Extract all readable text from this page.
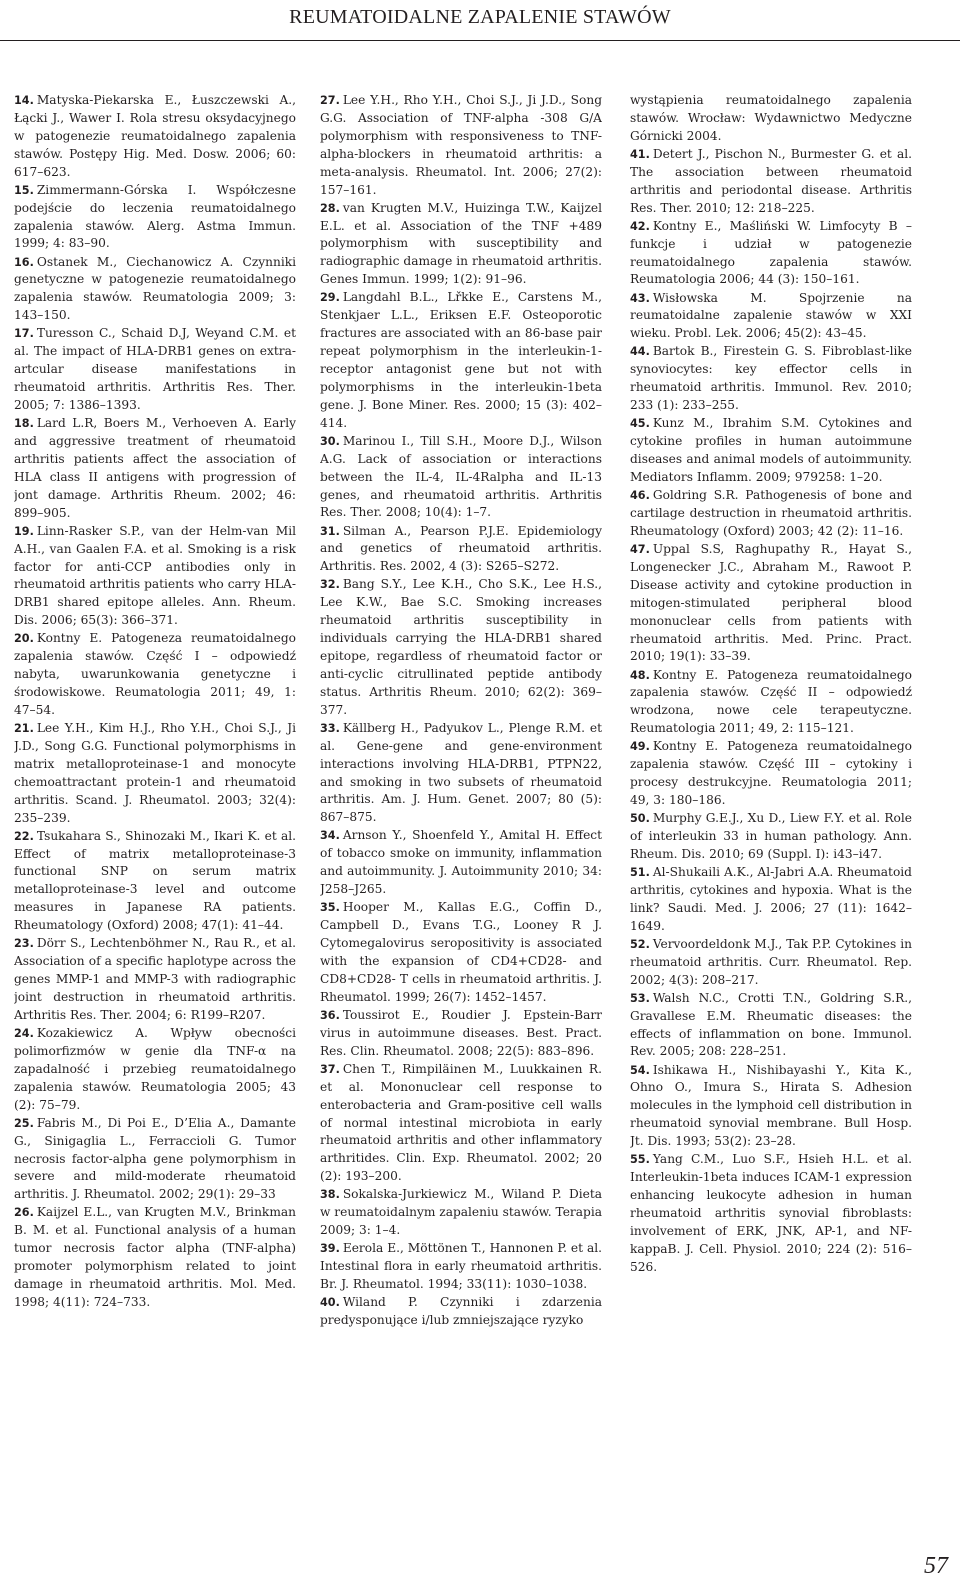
REUMATOIDALNE ZAPALENIE STAWÓW

14. Matyska-Piekarska E., Łuszczewski A., Łącki J., Wawer I. Rola stresu oksydacyjnego w patogenezie reumatoidalnego zapalenia stawów. Postępy Hig. Med. Dosw. 2006; 60: 617–623.

15. Zimmermann-Górska I. Współczesne podejście do leczenia reumatoidalnego zapalenia stawów. Alerg. Astma Immun. 1999; 4: 83–90.

16. Ostanek M., Ciechanowicz A. Czynniki genetyczne w patogenezie reumatoidalnego zapalenia stawów. Reumatologia 2009; 3: 143–150.

17. Turesson C., Schaid D.J, Weyand C.M. et al. The impact of HLA-DRB1 genes on extra-artcular disease manifestations in rheumatoid arthritis. Arthritis Res. Ther. 2005; 7: 1386–1393.

18. Lard L.R, Boers M., Verhoeven A. Early and aggressive treatment of rheumatoid arthritis patients affect the association of HLA class II antigens with progression of jont damage. Arthritis Rheum. 2002; 46: 899–905.

19. Linn-Rasker S.P., van der Helm-van Mil A.H., van Gaalen F.A. et al. Smoking is a risk factor for anti-CCP antibodies only in rheumatoid arthritis patients who carry HLA-DRB1 shared epitope alleles. Ann. Rheum. Dis. 2006; 65(3): 366–371.

20. Kontny E. Patogeneza reumatoidalnego zapalenia stawów. Część I – odpowiedź nabyta, uwarunkowania genetyczne i środowiskowe. Reumatologia 2011; 49, 1: 47–54.

21. Lee Y.H., Kim H.J., Rho Y.H., Choi S.J., Ji J.D., Song G.G. Functional polymorphisms in matrix metalloproteinase-1 and monocyte chemoattractant protein-1 and rheumatoid arthritis. Scand. J. Rheumatol. 2003; 32(4): 235–239.

22. Tsukahara S., Shinozaki M., Ikari K. et al. Effect of matrix metalloproteinase-3 functional SNP on serum matrix metalloproteinase-3 level and outcome measures in Japanese RA patients. Rheumatology (Oxford) 2008; 47(1): 41–44.

23. Dörr S., Lechtenböhmer N., Rau R., et al. Association of a specific haplotype across the genes MMP-1 and MMP-3 with radiographic joint destruction in rheumatoid arthritis. Arthritis Res. Ther. 2004; 6: R199–R207.

24. Kozakiewicz A. Wpływ obecności polimorfizmów w genie dla TNF-α na zapadalność i przebieg reumatoidalnego zapalenia stawów. Reumatologia 2005; 43 (2): 75–79.

25. Fabris M., Di Poi E., D’Elia A., Damante G., Sinigaglia L., Ferraccioli G. Tumor necrosis factor-alpha gene polymorphism in severe and mild-moderate rheumatoid arthritis. J. Rheumatol. 2002; 29(1): 29–33

26. Kaijzel E.L., van Krugten M.V., Brinkman B. M. et al. Functional analysis of a human tumor necrosis factor alpha (TNF-alpha) promoter polymorphism related to joint damage in rheumatoid arthritis. Mol. Med. 1998; 4(11): 724–733.

27. Lee Y.H., Rho Y.H., Choi S.J., Ji J.D., Song G.G. Association of TNF-alpha -308 G/A polymorphism with responsiveness to TNF-alpha-blockers in rheumatoid arthritis: a meta-analysis. Rheumatol. Int. 2006; 27(2): 157–161.

28. van Krugten M.V., Huizinga T.W., Kaijzel E.L. et al. Association of the TNF +489 polymorphism with susceptibility and radiographic damage in rheumatoid arthritis. Genes Immun. 1999; 1(2): 91–96.

29. Langdahl B.L., Lřkke E., Carstens M., Stenkjaer L.L., Eriksen E.F. Osteoporotic fractures are associated with an 86-base pair repeat polymorphism in the interleukin-1-receptor antagonist gene but not with polymorphisms in the interleukin-1beta gene. J. Bone Miner. Res. 2000; 15 (3): 402–414.

30. Marinou I., Till S.H., Moore D.J., Wilson A.G. Lack of association or interactions between the IL-4, IL-4Ralpha and IL-13 genes, and rheumatoid arthritis. Arthritis Res. Ther. 2008; 10(4): 1–7.

31. Silman A., Pearson P.J.E. Epidemiology and genetics of rheumatoid arthritis. Arthritis. Res. 2002, 4 (3): S265–S272.

32. Bang S.Y., Lee K.H., Cho S.K., Lee H.S., Lee K.W., Bae S.C. Smoking increases rheumatoid arthritis susceptibility in individuals carrying the HLA-DRB1 shared epitope, regardless of rheumatoid factor or anti-cyclic citrullinated peptide antibody status. Arthritis Rheum. 2010; 62(2): 369–377.

33. Källberg H., Padyukov L., Plenge R.M. et al. Gene-gene and gene-environment interactions involving HLA-DRB1, PTPN22, and smoking in two subsets of rheumatoid arthritis. Am. J. Hum. Genet. 2007; 80 (5): 867–875.

34. Arnson Y., Shoenfeld Y., Amital H. Effect of tobacco smoke on immunity, inflammation and autoimmunity. J. Autoimmunity 2010; 34: J258–J265.

35. Hooper M., Kallas E.G., Coffin D., Campbell D., Evans T.G., Looney R J. Cytomegalovirus seropositivity is associated with the expansion of CD4+CD28- and CD8+CD28- T cells in rheumatoid arthritis. J. Rheumatol. 1999; 26(7): 1452–1457.

36. Toussirot E., Roudier J. Epstein-Barr virus in autoimmune diseases. Best. Pract. Res. Clin. Rheumatol. 2008; 22(5): 883–896.

37. Chen T., Rimpiläinen M., Luukkainen R. et al. Mononuclear cell response to enterobacteria and Gram-positive cell walls of normal intestinal microbiota in early rheumatoid arthritis and other inflammatory arthritides. Clin. Exp. Rheumatol. 2002; 20 (2): 193–200.

38. Sokalska-Jurkiewicz M., Wiland P. Dieta w reumatoidalnym zapaleniu stawów. Terapia 2009; 3: 1–4.

39. Eerola E., Möttönen T., Hannonen P. et al. Intestinal flora in early rheumatoid arthritis. Br. J. Rheumatol. 1994; 33(11): 1030–1038.

40. Wiland P. Czynniki i zdarzenia predysponujące i/lub zmniejszające ryzyko

wystąpienia reumatoidalnego zapalenia stawów. Wrocław: Wydawnictwo Medyczne Górnicki 2004.

41. Detert J., Pischon N., Burmester G. et al. The association between rheumatoid arthritis and periodontal disease. Arthritis Res. Ther. 2010; 12: 218–225.

42. Kontny E., Maśliński W. Limfocyty B – funkcje i udział w patogenezie reumatoidalnego zapalenia stawów. Reumatologia 2006; 44 (3): 150–161.

43. Wisłowska M. Spojrzenie na reumatoidalne zapalenie stawów w XXI wieku. Probl. Lek. 2006; 45(2): 43–45.

44. Bartok B., Firestein G. S. Fibroblast-like synoviocytes: key effector cells in rheumatoid arthritis. Immunol. Rev. 2010; 233 (1): 233–255.

45. Kunz M., Ibrahim S.M. Cytokines and cytokine profiles in human autoimmune diseases and animal models of autoimmunity. Mediators Inflamm. 2009; 979258: 1–20.

46. Goldring S.R. Pathogenesis of bone and cartilage destruction in rheumatoid arthritis. Rheumatology (Oxford) 2003; 42 (2): 11–16.

47. Uppal S.S, Raghupathy R., Hayat S., Longenecker J.C., Abraham M., Rawoot P. Disease activity and cytokine production in mitogen-stimulated peripheral blood mononuclear cells from patients with rheumatoid arthritis. Med. Princ. Pract. 2010; 19(1): 33–39.

48. Kontny E. Patogeneza reumatoidalnego zapalenia stawów. Część II – odpowiedź wrodzona, nowe cele terapeutyczne. Reumatologia 2011; 49, 2: 115–121.

49. Kontny E. Patogeneza reumatoidalnego zapalenia stawów. Część III – cytokiny i procesy destrukcyjne. Reumatologia 2011; 49, 3: 180–186.

50. Murphy G.E.J., Xu D., Liew F.Y. et al. Role of interleukin 33 in human pathology. Ann. Rheum. Dis. 2010; 69 (Suppl. I): i43–i47.

51. Al-Shukaili A.K., Al-Jabri A.A. Rheumatoid arthritis, cytokines and hypoxia. What is the link? Saudi. Med. J. 2006; 27 (11): 1642–1649.

52. Vervoordeldonk M.J., Tak P.P. Cytokines in rheumatoid arthritis. Curr. Rheumatol. Rep. 2002; 4(3): 208–217.

53. Walsh N.C., Crotti T.N., Goldring S.R., Gravallese E.M. Rheumatic diseases: the effects of inflammation on bone. Immunol. Rev. 2005; 208: 228–251.

54. Ishikawa H., Nishibayashi Y., Kita K., Ohno O., Imura S., Hirata S. Adhesion molecules in the lymphoid cell distribution in rheumatoid synovial membrane. Bull Hosp. Jt. Dis. 1993; 53(2): 23–28.

55. Yang C.M., Luo S.F., Hsieh H.L. et al. Interleukin-1beta induces ICAM-1 expression enhancing leukocyte adhesion in human rheumatoid arthritis synovial fibroblasts: involvement of ERK, JNK, AP-1, and NF-kappaB. J. Cell. Physiol. 2010; 224 (2): 516–526.

57
